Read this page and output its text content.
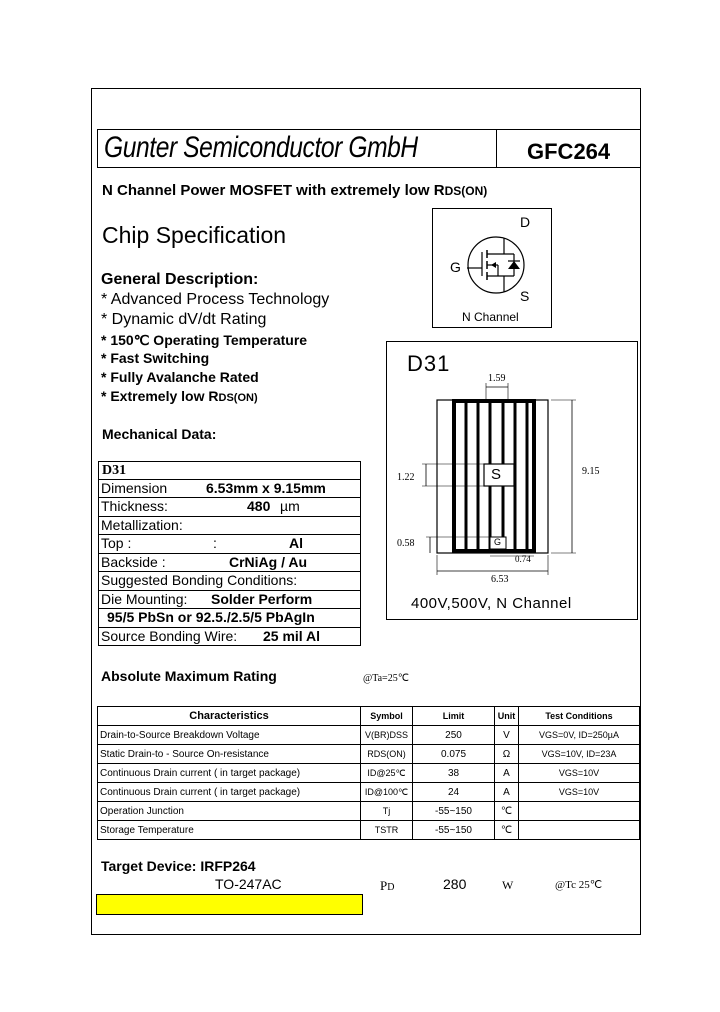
Gunter Semiconductor GmbH	GFC264
N Channel Power MOSFET with extremely low RDS(ON)
Chip Specification
General Description:
* Advanced Process Technology
* Dynamic dV/dt Rating
* 150℃ Operating Temperature
* Fast Switching
* Fully Avalanche Rated
* Extremely low RDS(ON)
Mechanical Data:
D
G
S
N Channel
D31
1.59
9.15
1.22
0.58
0.74
6.53
S
G
400V,500V, N Channel
D31
Dimension	6.53mm x 9.15mm
Thickness:	480 µm
Metallization:
Top :	:	Al
Backside :	CrNiAg / Au
Suggested Bonding Conditions:
Die Mounting: Solder Perform
95/5 PbSn or 92.5./2.5/5 PbAgIn
Source Bonding Wire: 25 mil Al
Absolute Maximum Rating	@Ta=25℃
Characteristics	Symbol	Limit	Unit	Test Conditions
Drain-to-Source Breakdown Voltage	V(BR)DSS	250	V	VGS=0V, ID=250µA
Static Drain-to - Source On-resistance	RDS(ON)	0.075	Ω	VGS=10V, ID=23A
Continuous Drain current ( in target package)	ID@25℃	38	A	VGS=10V
Continuous Drain current ( in target package)	ID@100℃	24	A	VGS=10V
Operation Junction	Tj	-55~150	℃	
Storage Temperature	TSTR	-55~150	℃	
Target Device: IRFP264
TO-247AC	PD	280	W	@Tc 25℃
